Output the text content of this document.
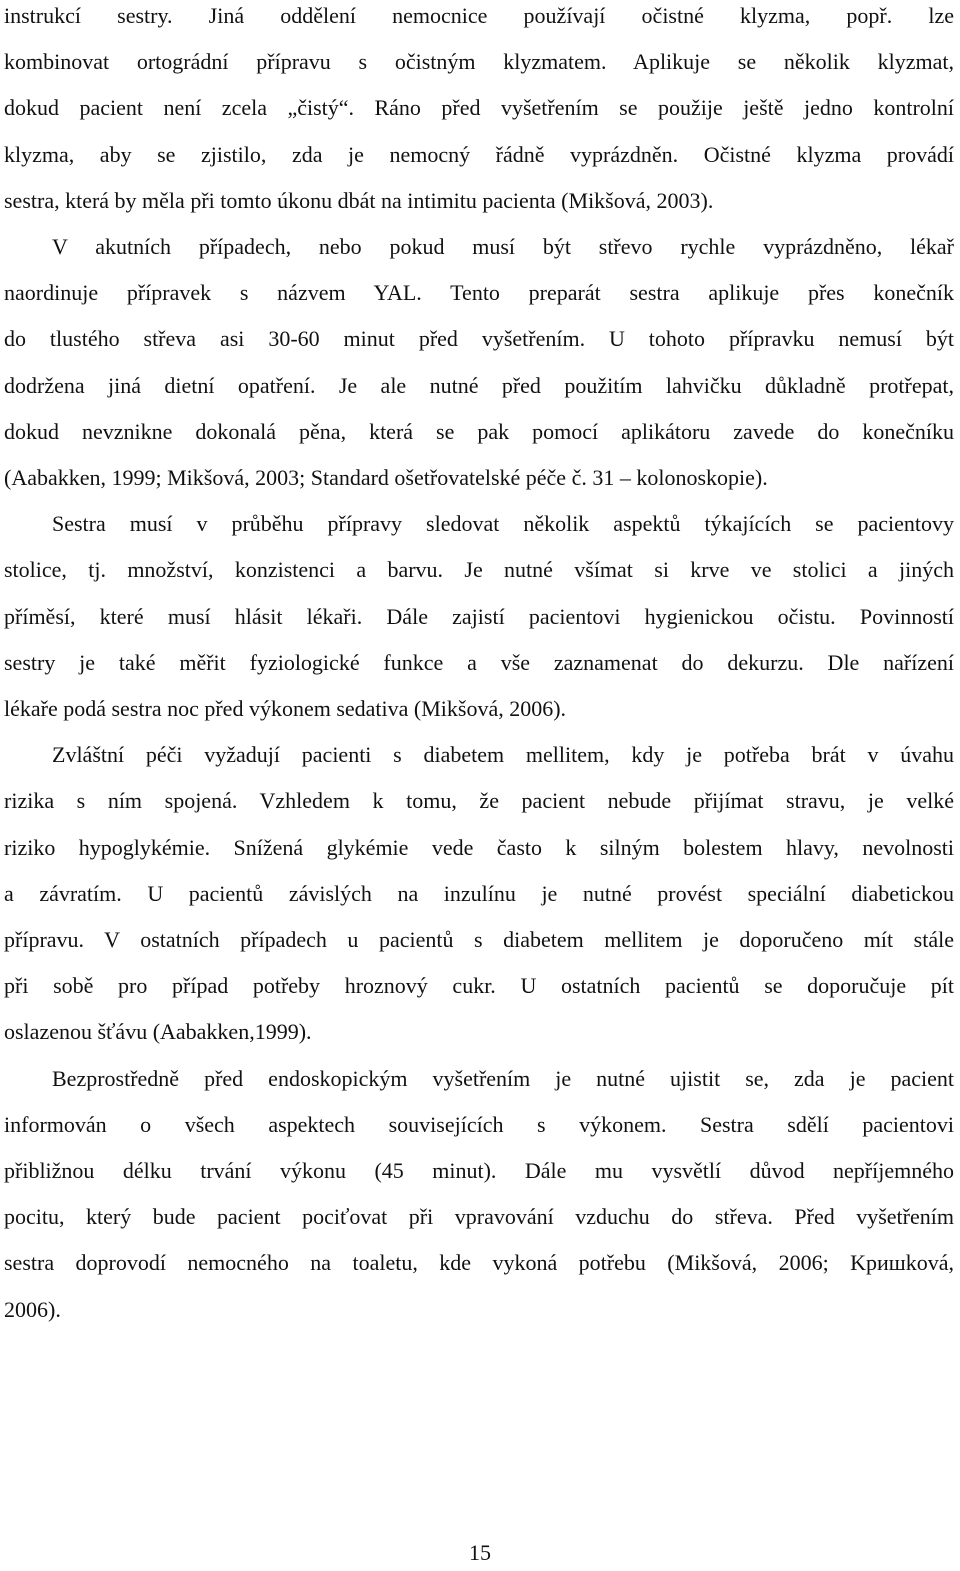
instrukcí sestry. Jiná oddělení nemocnice používají očistné klyzma, popř. lze
kombinovat ortográdní přípravu s očistným klyzmatem. Aplikuje se několik klyzmat,
dokud pacient není zcela „čistý“. Ráno před vyšetřením se použije ještě jedno kontrolní
klyzma, aby se zjistilo, zda je nemocný řádně vyprázdněn. Očistné klyzma provádí
sestra, která by měla při tomto úkonu dbát na intimitu pacienta (Mikšová, 2003).

V akutních případech, nebo pokud musí být střevo rychle vyprázdněno, lékař
naordinuje přípravek s názvem YAL. Tento preparát sestra aplikuje přes konečník
do tlustého střeva asi 30-60 minut před vyšetřením. U tohoto přípravku nemusí být
dodržena jiná dietní opatření. Je ale nutné před použitím lahvičku důkladně protřepat,
dokud nevznikne dokonalá pěna, která se pak pomocí aplikátoru zavede do konečníku
(Aabakken, 1999; Mikšová, 2003; Standard ošetřovatelské péče č. 31 – kolonoskopie).

Sestra musí v průběhu přípravy sledovat několik aspektů týkajících se pacientovy
stolice, tj. množství, konzistenci a barvu. Je nutné všímat si krve ve stolici a jiných
příměsí, které musí hlásit lékaři. Dále zajistí pacientovi hygienickou očistu. Povinností
sestry je také měřit fyziologické funkce a vše zaznamenat do dekurzu. Dle nařízení
lékaře podá sestra noc před výkonem sedativa (Mikšová, 2006).

Zvláštní péči vyžadují pacienti s diabetem mellitem, kdy je potřeba brát v úvahu
rizika s ním spojená. Vzhledem k tomu, že pacient nebude přijímat stravu, je velké
riziko hypoglykémie. Snížená glykémie vede často k silným bolestem hlavy, nevolnosti
a závratím. U pacientů závislých na inzulínu je nutné provést speciální diabetickou
přípravu. V ostatních případech u pacientů s diabetem mellitem je doporučeno mít stále
při sobě pro případ potřeby hroznový cukr. U ostatních pacientů se doporučuje pít
oslazenou šťávu (Aabakken,1999).

Bezprostředně před endoskopickým vyšetřením je nutné ujistit se, zda je pacient
informován o všech aspektech souvisejících s výkonem. Sestra sdělí pacientovi
přibližnou délku trvání výkonu (45 minut). Dále mu vysvětlí důvod nepříjemného
pocitu, který bude pacient pociťovat při vpravování vzduchu do střeva. Před vyšetřením
sestra doprovodí nemocného na toaletu, kde vykoná potřebu (Mikšová, 2006; Kришková,
2006).

15
